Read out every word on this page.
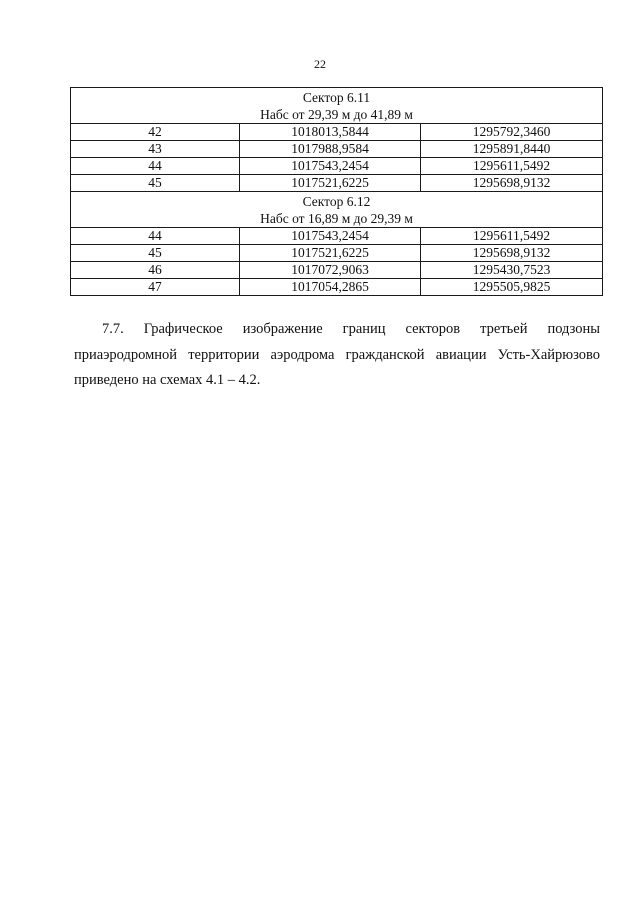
22
Сектор 6.11
Набс от 29,39 м до 41,89 м		

42	1018013,5844	1295792,3460
43	1017988,9584	1295891,8440
44	1017543,2454	1295611,5492
45	1017521,6225	1295698,9132

Сектор 6.12
Набс от 16,89 м до 29,39 м		

44	1017543,2454	1295611,5492
45	1017521,6225	1295698,9132
46	1017072,9063	1295430,7523
47	1017054,2865	1295505,9825

7.7. Графическое изображение границ секторов третьей подзоны приаэродромной территории аэродрома гражданской авиации Усть-Хайрюзово приведено на схемах 4.1 – 4.2.
